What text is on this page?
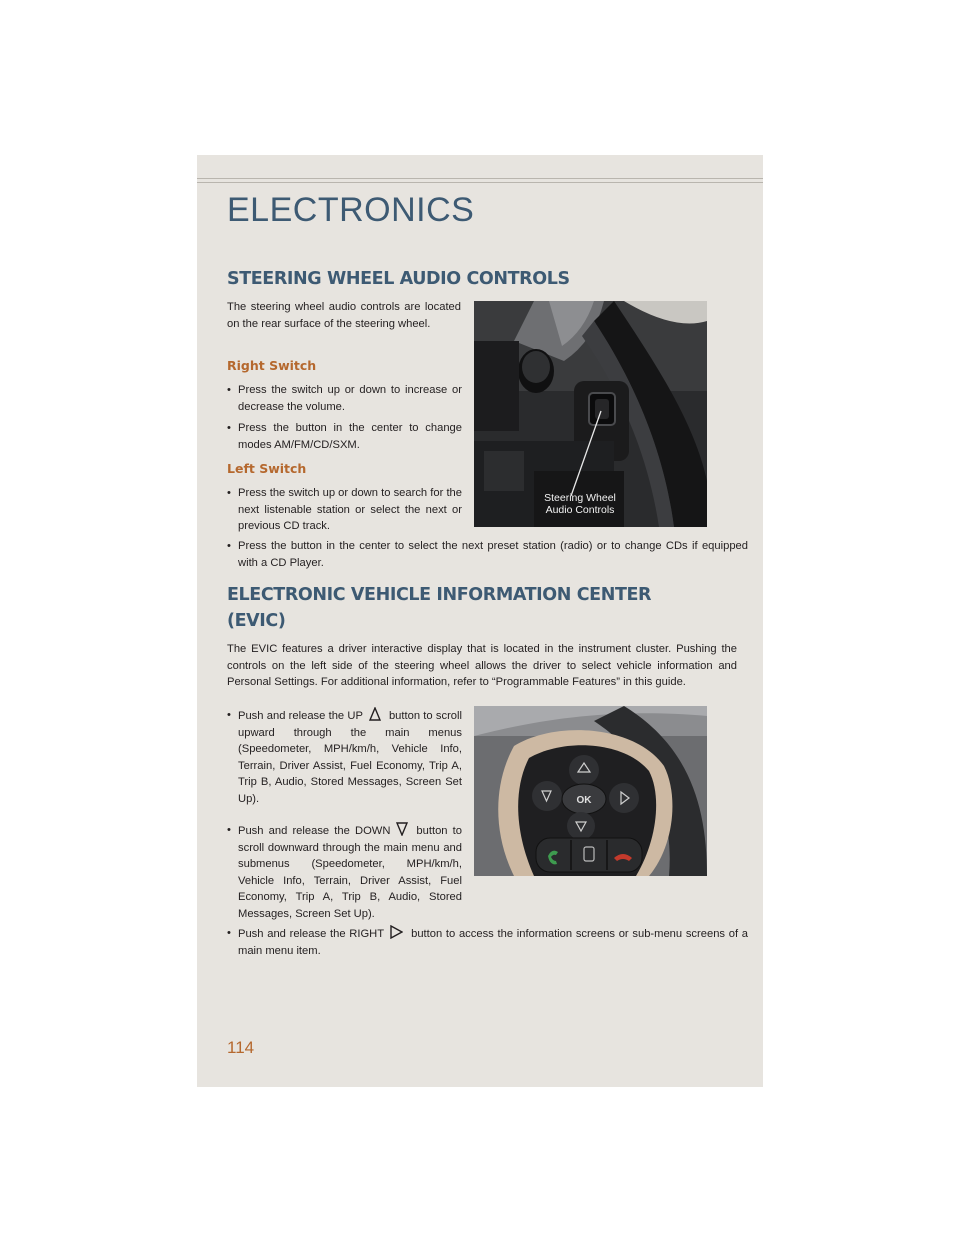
ELECTRONICS
STEERING WHEEL AUDIO CONTROLS

The steering wheel audio controls are located on the rear surface of the steering wheel.

Right Switch
• Press the switch up or down to increase or decrease the volume.
• Press the button in the center to change modes AM/FM/CD/SXM.
Left Switch
• Press the switch up or down to search for the next listenable station or select the next or previous CD track.
• Press the button in the center to select the next preset station (radio) or to change CDs if equipped with a CD Player.
Steering Wheel
Audio Controls
ELECTRONIC VEHICLE INFORMATION CENTER
(EVIC)

The EVIC features a driver interactive display that is located in the instrument cluster. Pushing the controls on the left side of the steering wheel allows the driver to select vehicle information and Personal Settings. For additional information, refer to “Programmable Features” in this guide.

• Push and release the UP button to scroll upward through the main menus (Speedometer, MPH/km/h, Vehicle Info, Terrain, Driver Assist, Fuel Economy, Trip A, Trip B, Audio, Stored Messages, Screen Set Up).
• Push and release the DOWN button to scroll downward through the main menu and submenus (Speedometer, MPH/km/h, Vehicle Info, Terrain, Driver Assist, Fuel Economy, Trip A, Trip B, Audio, Stored Messages, Screen Set Up).
• Push and release the RIGHT button to access the information screens or sub-menu screens of a main menu item.
OK
114
